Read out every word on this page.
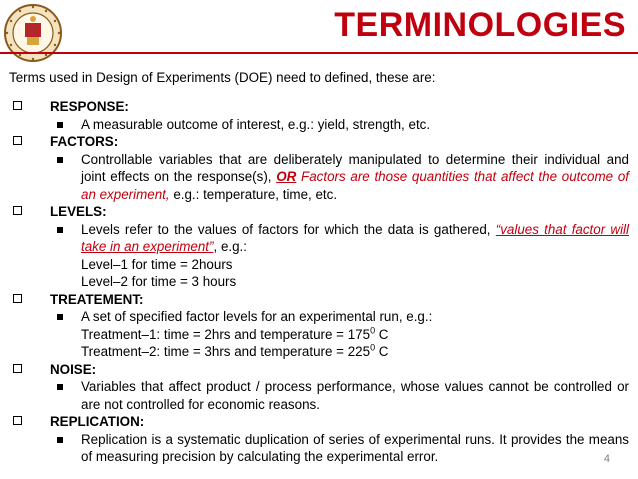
TERMINOLOGIES
Terms used in Design of Experiments (DOE) need to defined, these are:
RESPONSE:
A measurable outcome of interest, e.g.: yield, strength, etc.
FACTORS:
Controllable variables that are deliberately manipulated to determine their individual and joint effects on the response(s), OR Factors are those quantities that affect the outcome of an experiment, e.g.: temperature, time, etc.
LEVELS:
Levels refer to the values of factors for which the data is gathered, “values that factor will take in an experiment”, e.g.:
Level–1 for time = 2hours
Level–2 for time = 3 hours
TREATEMENT:
A set of specified factor levels for an experimental run, e.g.:
Treatment–1: time = 2hrs and temperature = $175^0$ C
Treatment–2: time = 3hrs and temperature = $225^0$ C
NOISE:
Variables that affect product / process performance, whose values cannot be controlled or are not controlled for economic reasons.
REPLICATION:
Replication is a systematic duplication of series of experimental runs. It provides the means of measuring precision by calculating the experimental error.	4
